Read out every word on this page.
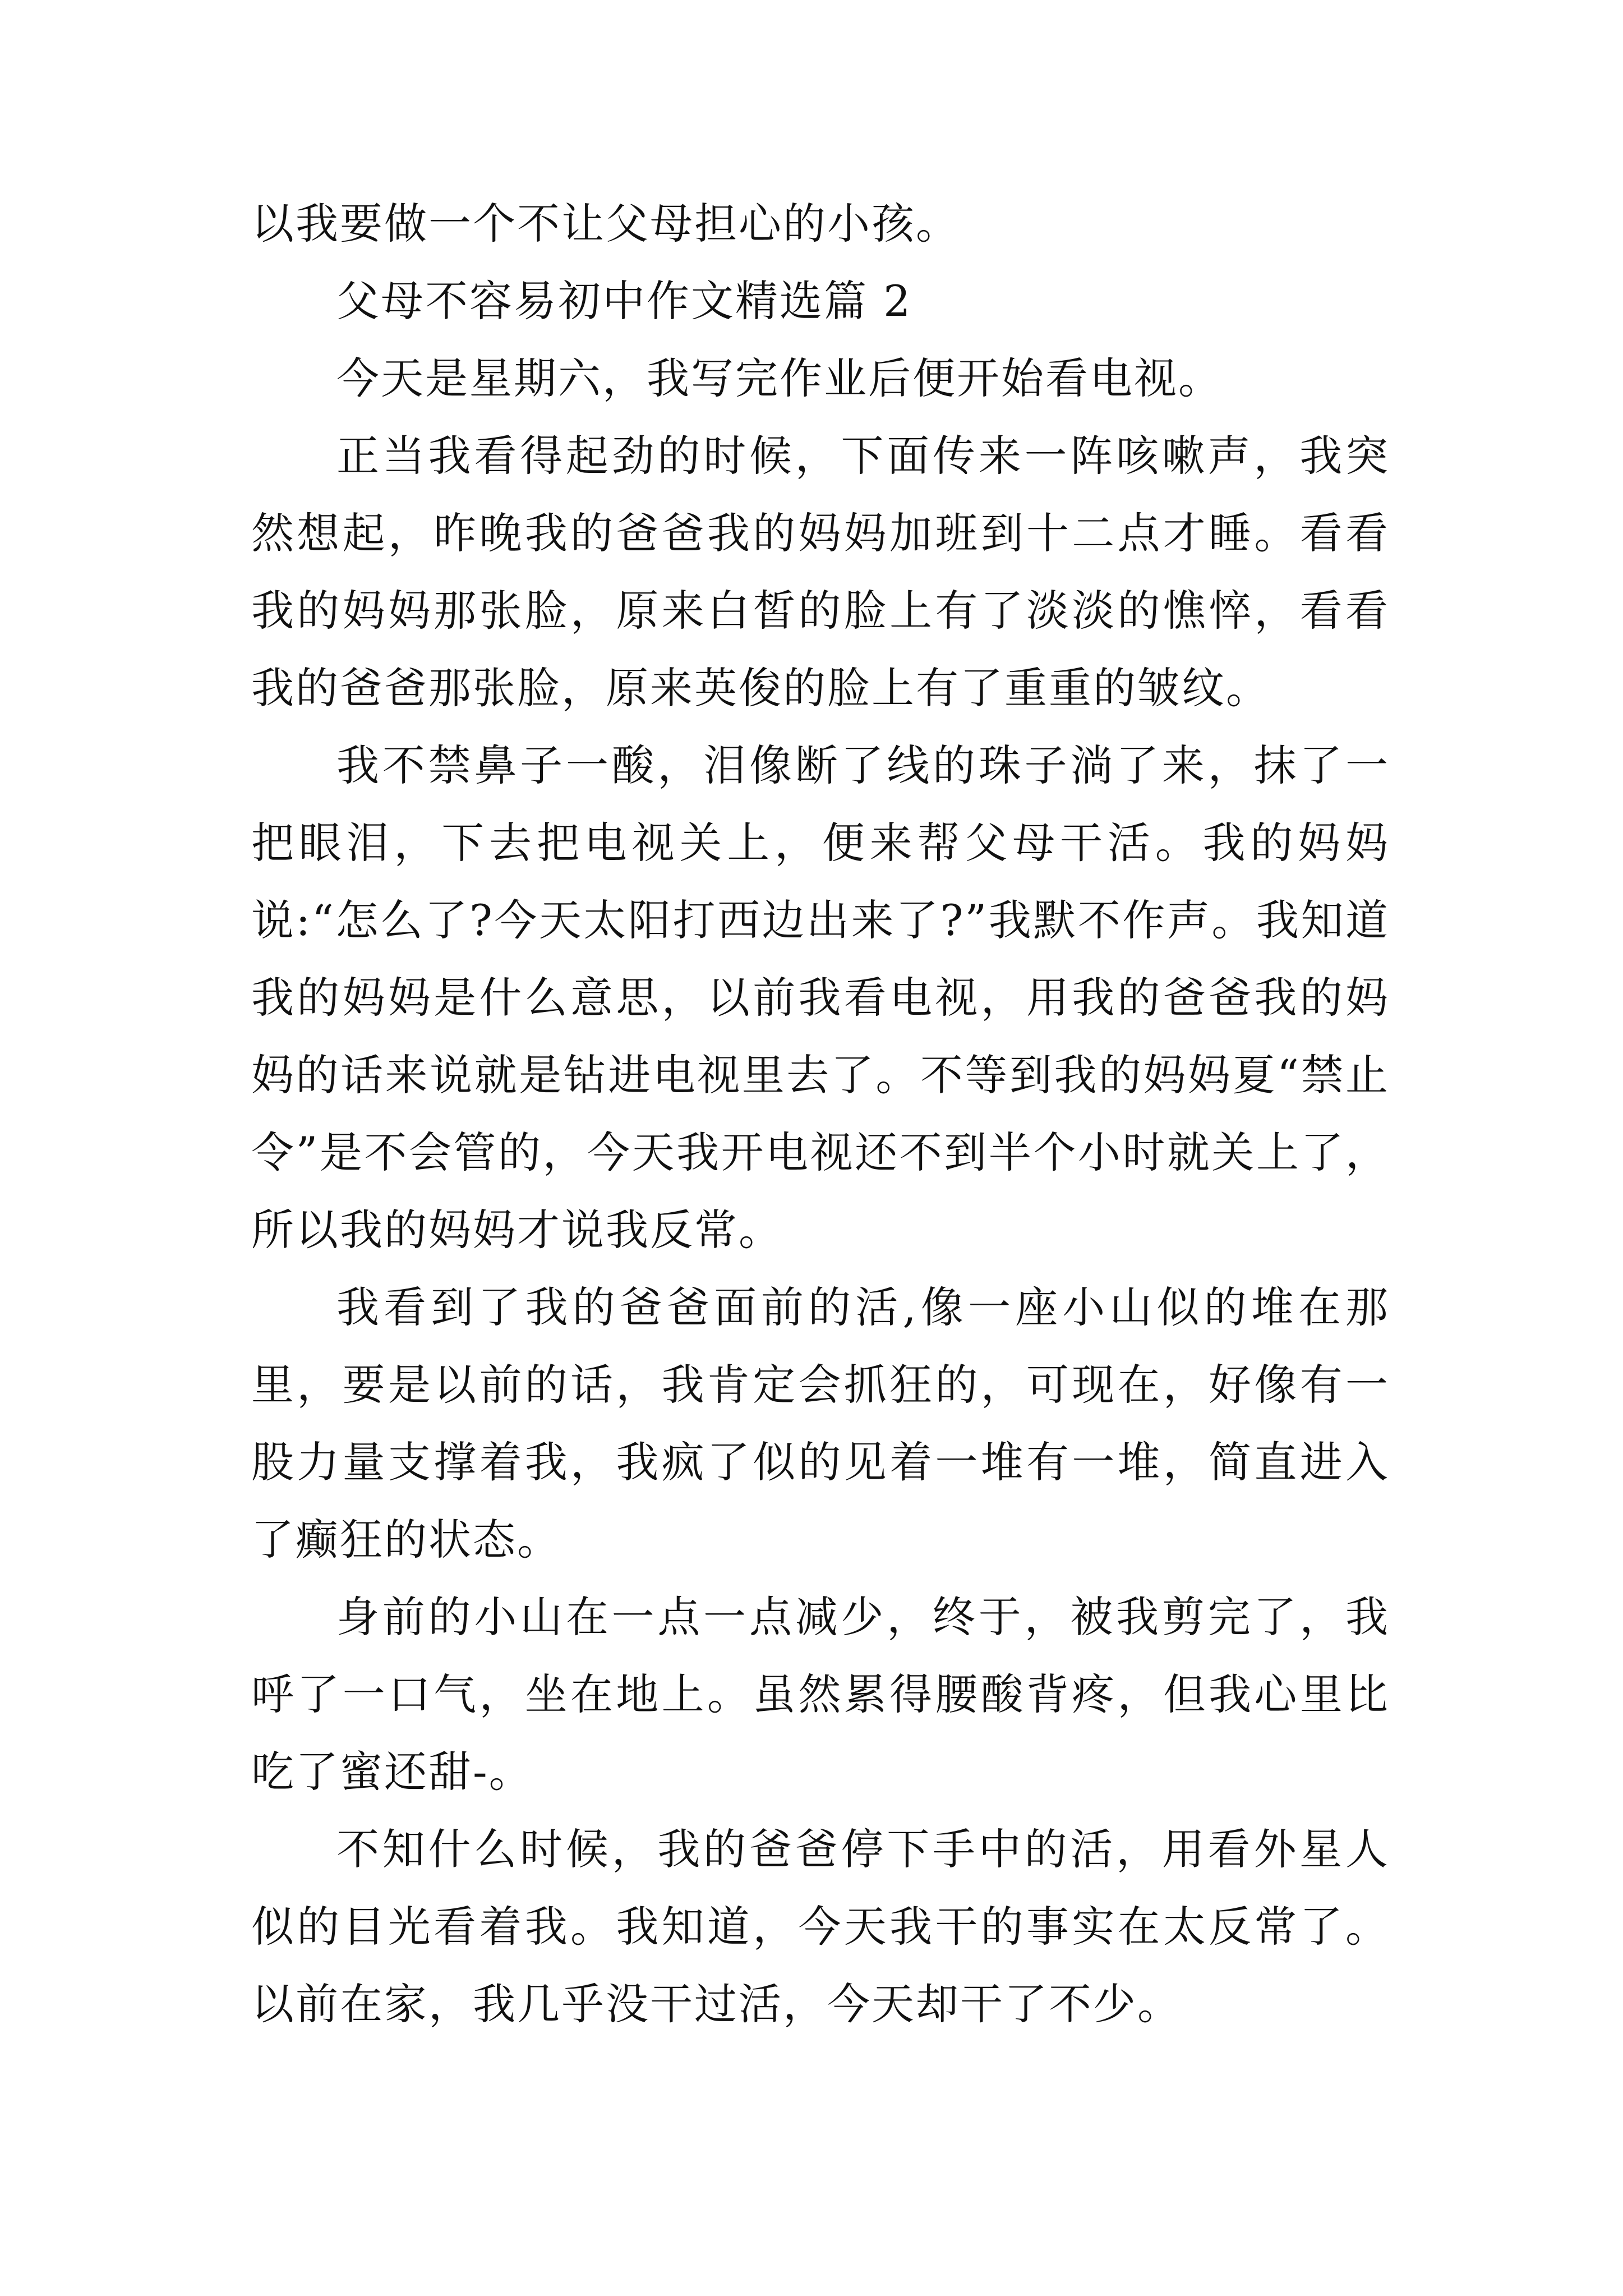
以我要做一个不让父母担心的小孩。

父母不容易初中作文精选篇 2

今天是星期六，我写完作业后便开始看电视。

正当我看得起劲的时候，下面传来一阵咳嗽声，我突然想起，昨晚我的爸爸我的妈妈加班到十二点才睡。看看我的妈妈那张脸，原来白皙的脸上有了淡淡的憔悴，看看我的爸爸那张脸，原来英俊的脸上有了重重的皱纹。

我不禁鼻子一酸，泪像断了线的珠子淌了来，抹了一把眼泪，下去把电视关上，便来帮父母干活。我的妈妈说:“怎么了?今天太阳打西边出来了?”我默不作声。我知道我的妈妈是什么意思，以前我看电视，用我的爸爸我的妈妈的话来说就是钻进电视里去了。不等到我的妈妈夏“禁止令”是不会管的，今天我开电视还不到半个小时就关上了，所以我的妈妈才说我反常。

我看到了我的爸爸面前的活,像一座小山似的堆在那里，要是以前的话，我肯定会抓狂的，可现在，好像有一股力量支撑着我，我疯了似的见着一堆有一堆，简直进入了癫狂的状态。

身前的小山在一点一点减少，终于，被我剪完了，我呼了一口气，坐在地上。虽然累得腰酸背疼，但我心里比吃了蜜还甜-。

不知什么时候，我的爸爸停下手中的活，用看外星人似的目光看着我。我知道，今天我干的事实在太反常了。以前在家，我几乎没干过活，今天却干了不少。
